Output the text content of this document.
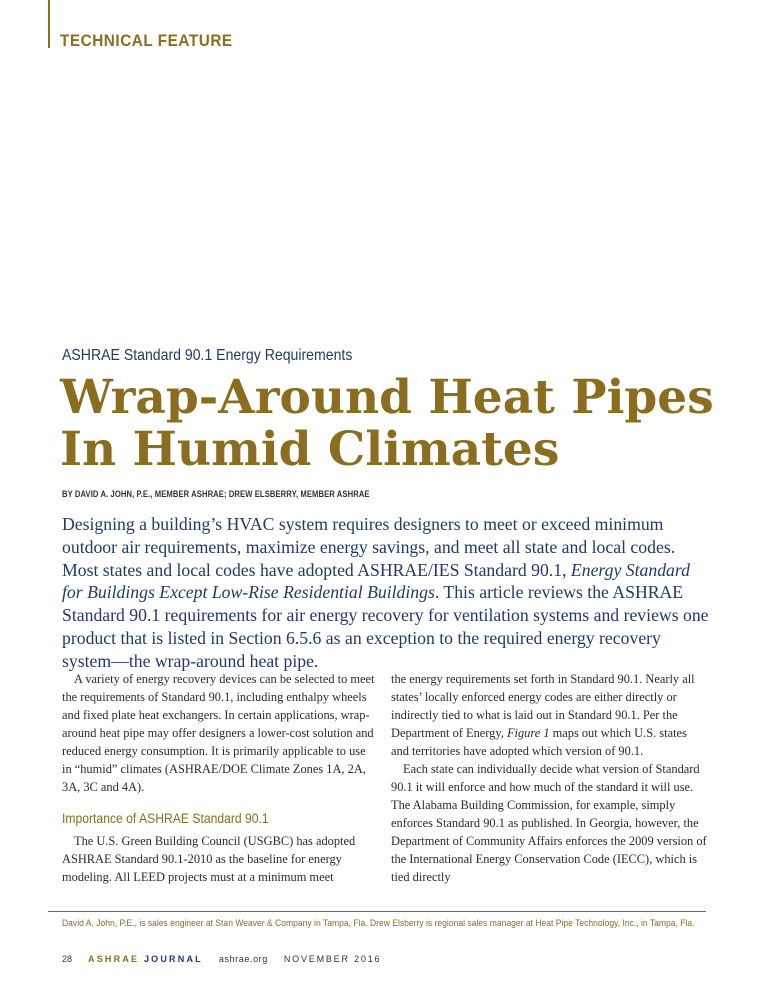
TECHNICAL FEATURE
ASHRAE Standard 90.1 Energy Requirements
Wrap-Around Heat Pipes
In Humid Climates
BY DAVID A. JOHN, P.E., MEMBER ASHRAE; DREW ELSBERRY, MEMBER ASHRAE
Designing a building’s HVAC system requires designers to meet or exceed minimum outdoor air requirements, maximize energy savings, and meet all state and local codes. Most states and local codes have adopted ASHRAE/IES Standard 90.1, Energy Standard for Buildings Except Low-Rise Residential Buildings. This article reviews the ASHRAE Standard 90.1 requirements for air energy recovery for ventilation systems and reviews one product that is listed in Section 6.5.6 as an exception to the required energy recovery system—the wrap-around heat pipe.

A variety of energy recovery devices can be selected to meet the requirements of Standard 90.1, including enthalpy wheels and fixed plate heat exchangers. In certain applications, wrap-around heat pipe may offer designers a lower-cost solution and reduced energy consumption. It is primarily applicable to use in “humid” climates (ASHRAE/DOE Climate Zones 1A, 2A, 3A, 3C and 4A).

Importance of ASHRAE Standard 90.1

The U.S. Green Building Council (USGBC) has adopted ASHRAE Standard 90.1-2010 as the baseline for energy modeling. All LEED projects must at a minimum meet

the energy requirements set forth in Standard 90.1. Nearly all states’ locally enforced energy codes are either directly or indirectly tied to what is laid out in Standard 90.1. Per the Department of Energy, Figure 1 maps out which U.S. states and territories have adopted which version of 90.1.

Each state can individually decide what version of Standard 90.1 it will enforce and how much of the standard it will use. The Alabama Building Commission, for example, simply enforces Standard 90.1 as published. In Georgia, however, the Department of Community Affairs enforces the 2009 version of the International Energy Conservation Code (IECC), which is tied directly

David A. John, P.E., is sales engineer at Stan Weaver & Company in Tampa, Fla. Drew Elsberry is regional sales manager at Heat Pipe Technology, Inc., in Tampa, Fla.
28 ASHRAE JOURNAL ashrae.org NOVEMBER 2016
